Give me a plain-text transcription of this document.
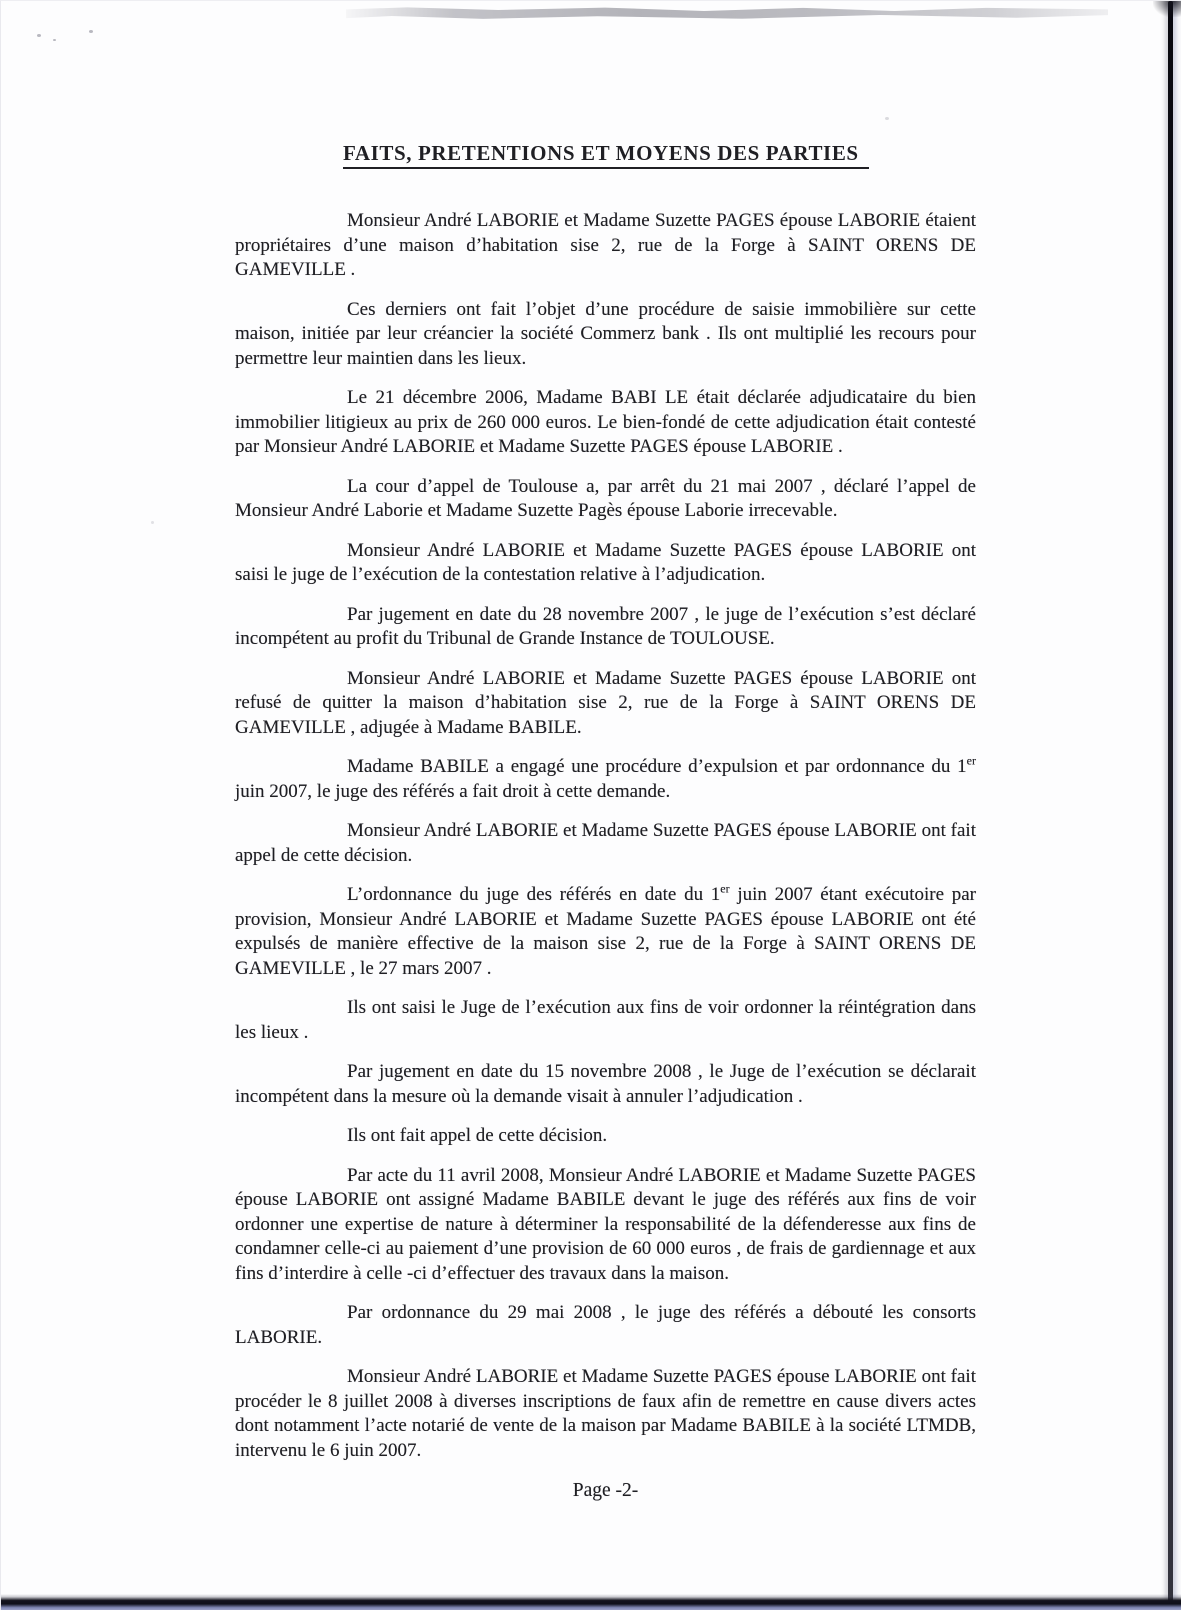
FAITS, PRETENTIONS ET MOYENS DES PARTIES

Monsieur André LABORIE et Madame Suzette PAGES épouse LABORIE étaient propriétaires d’une maison d’habitation sise 2, rue de la Forge à SAINT ORENS DE GAMEVILLE .

Ces derniers ont fait l’objet d’une procédure de saisie immobilière sur cette maison, initiée par leur créancier la société Commerz bank . Ils ont multiplié les recours pour permettre leur maintien dans les lieux.

Le 21 décembre 2006, Madame BABI LE était déclarée adjudicataire du bien immobilier litigieux au prix de 260 000 euros. Le bien-fondé de cette adjudication était contesté par Monsieur André LABORIE et Madame Suzette PAGES épouse LABORIE .

La cour d’appel de Toulouse a, par arrêt du 21 mai 2007 , déclaré l’appel de Monsieur André Laborie et Madame Suzette Pagès épouse Laborie irrecevable.

Monsieur André LABORIE et Madame Suzette PAGES épouse LABORIE ont saisi le juge de l’exécution de la contestation relative à l’adjudication.

Par jugement en date du 28 novembre 2007 , le juge de l’exécution s’est déclaré incompétent au profit du Tribunal de Grande Instance de TOULOUSE.

Monsieur André LABORIE et Madame Suzette PAGES épouse LABORIE ont refusé de quitter la maison d’habitation sise 2, rue de la Forge à SAINT ORENS DE GAMEVILLE , adjugée à Madame BABILE.

Madame BABILE a engagé une procédure d’expulsion et par ordonnance du 1er juin 2007, le juge des référés a fait droit à cette demande.

Monsieur André LABORIE et Madame Suzette PAGES épouse LABORIE ont fait appel de cette décision.

L’ordonnance du juge des référés en date du 1er juin 2007 étant exécutoire par provision, Monsieur André LABORIE et Madame Suzette PAGES épouse LABORIE ont été expulsés de manière effective de la maison sise 2, rue de la Forge à SAINT ORENS DE GAMEVILLE , le 27 mars 2007 .

Ils ont saisi le Juge de l’exécution aux fins de voir ordonner la réintégration dans les lieux .

Par jugement en date du 15 novembre 2008 , le Juge de l’exécution se déclarait incompétent dans la mesure où la demande visait à annuler l’adjudication .

Ils ont fait appel de cette décision.

Par acte du 11 avril 2008, Monsieur André LABORIE et Madame Suzette PAGES épouse LABORIE ont assigné Madame BABILE devant le juge des référés aux fins de voir ordonner une expertise de nature à déterminer la responsabilité de la défenderesse aux fins de condamner celle-ci au paiement d’une provision de 60 000 euros , de frais de gardiennage et aux fins d’interdire à celle -ci d’effectuer des travaux dans la maison.

Par ordonnance du 29 mai 2008 , le juge des référés a débouté les consorts LABORIE.

Monsieur André LABORIE et Madame Suzette PAGES épouse LABORIE ont fait procéder le 8 juillet 2008 à diverses inscriptions de faux afin de remettre en cause divers actes dont notamment l’acte notarié de vente de la maison par Madame BABILE à la société LTMDB, intervenu le 6 juin 2007.

Page -2-
